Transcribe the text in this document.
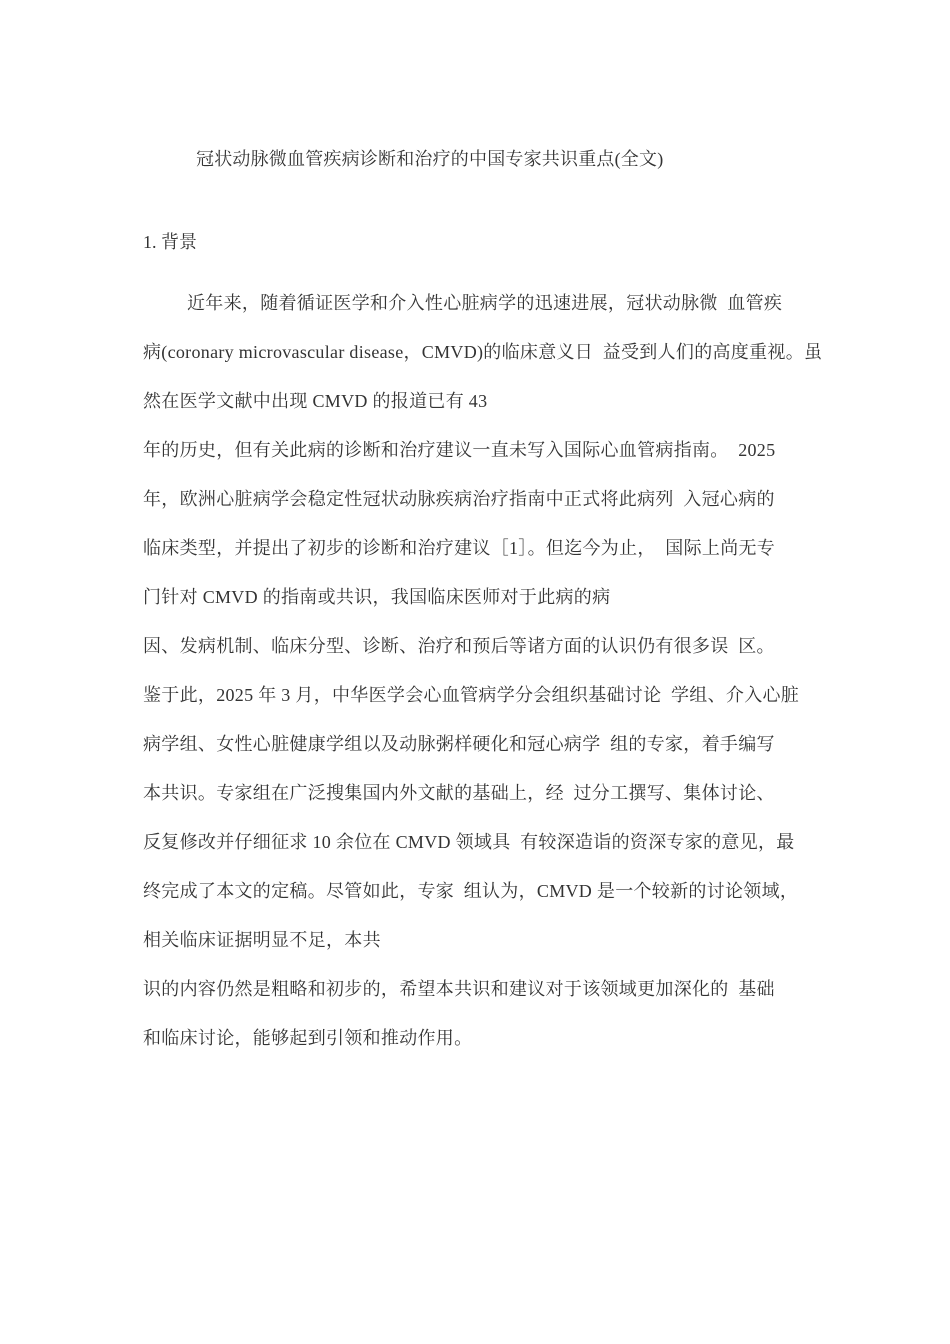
冠状动脉微血管疾病诊断和治疗的中国专家共识重点(全文)
1. 背景
近年来，随着循证医学和介入性心脏病学的迅速进展，冠状动脉微  血管疾
病(coronary microvascular disease，CMVD)的临床意义日  益受到人们的高度重视。虽
然在医学文献中出现 CMVD 的报道已有 43
年的历史，但有关此病的诊断和治疗建议一直未写入国际心血管病指南。  2025
年，欧洲心脏病学会稳定性冠状动脉疾病治疗指南中正式将此病列  入冠心病的
临床类型，并提出了初步的诊断和治疗建议［1］。但迄今为止，  国际上尚无专
门针对 CMVD 的指南或共识，我国临床医师对于此病的病
因、发病机制、临床分型、诊断、治疗和预后等诸方面的认识仍有很多误  区。
鉴于此，2025 年 3 月，中华医学会心血管病学分会组织基础讨论  学组、介入心脏
病学组、女性心脏健康学组以及动脉粥样硬化和冠心病学  组的专家，着手编写
本共识。专家组在广泛搜集国内外文献的基础上，经  过分工撰写、集体讨论、
反复修改并仔细征求 10 余位在 CMVD 领域具  有较深造诣的资深专家的意见，最
终完成了本文的定稿。尽管如此，专家  组认为，CMVD 是一个较新的讨论领域，
相关临床证据明显不足，本共
识的内容仍然是粗略和初步的，希望本共识和建议对于该领域更加深化的  基础
和临床讨论，能够起到引领和推动作用。
